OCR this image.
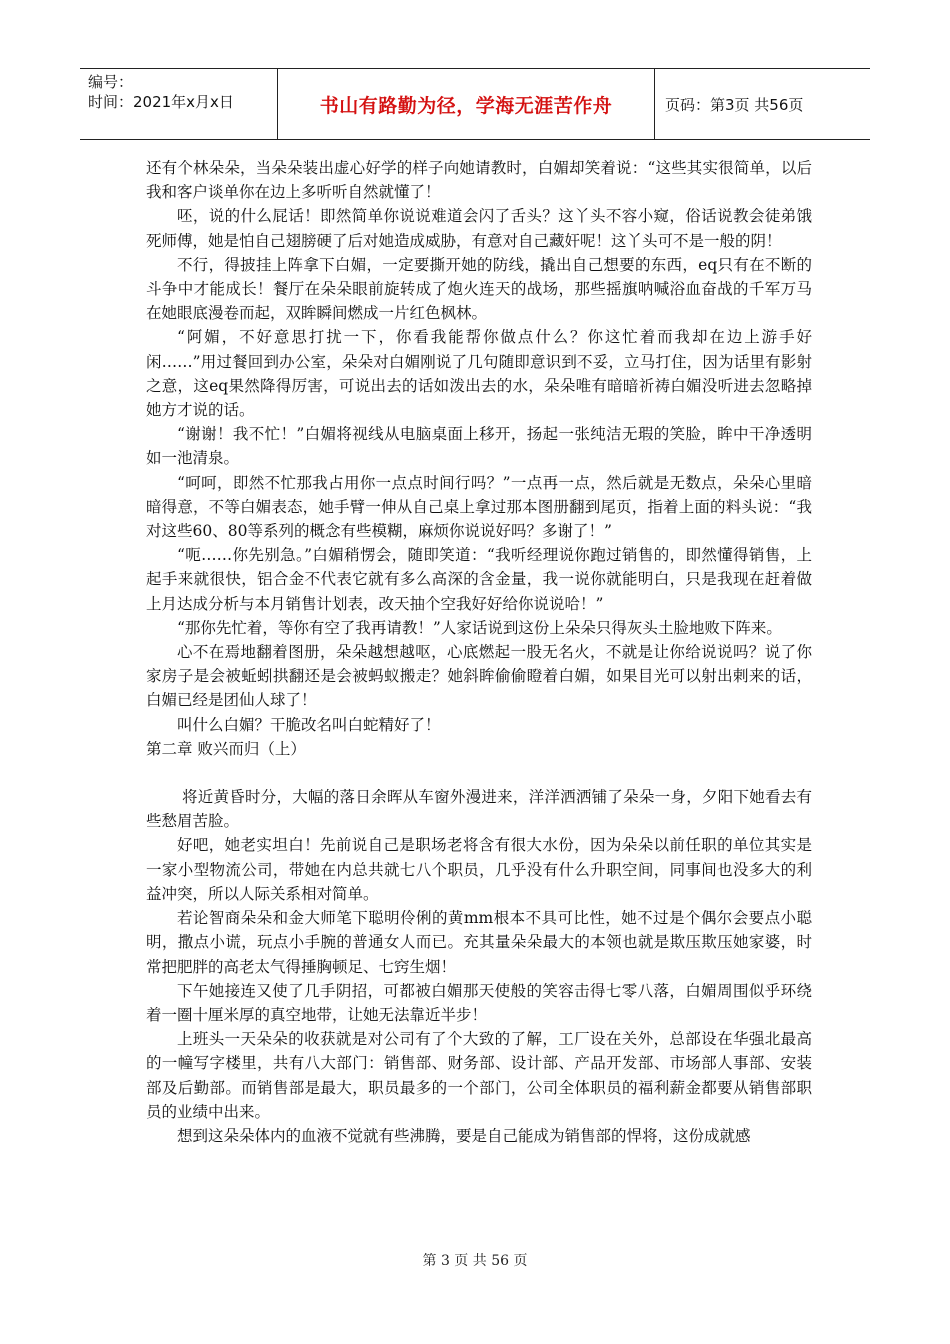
编号：
时间：2021年x月x日	书山有路勤为径，学海无涯苦作舟	页码：第3页 共56页

还有个林朵朵，当朵朵装出虚心好学的样子向她请教时，白媚却笑着说：“这些其实很简单，以后我和客户谈单你在边上多听听自然就懂了！

呸，说的什么屁话！即然简单你说说难道会闪了舌头？这丫头不容小窥，俗话说教会徒弟饿死师傅，她是怕自己翅膀硬了后对她造成威胁，有意对自己藏奸呢！这丫头可不是一般的阴！

不行，得披挂上阵拿下白媚，一定要撕开她的防线，撬出自己想要的东西，eq只有在不断的斗争中才能成长！餐厅在朵朵眼前旋转成了炮火连天的战场，那些摇旗呐喊浴血奋战的千军万马在她眼底漫卷而起，双眸瞬间燃成一片红色枫林。

“阿媚，不好意思打扰一下，你看我能帮你做点什么？你这忙着而我却在边上游手好闲……”用过餐回到办公室，朵朵对白媚刚说了几句随即意识到不妥，立马打住，因为话里有影射之意，这eq果然降得厉害，可说出去的话如泼出去的水，朵朵唯有暗暗祈祷白媚没听进去忽略掉她方才说的话。

“谢谢！我不忙！”白媚将视线从电脑桌面上移开，扬起一张纯洁无瑕的笑脸，眸中干净透明如一池清泉。

“呵呵，即然不忙那我占用你一点点时间行吗？”一点再一点，然后就是无数点，朵朵心里暗暗得意，不等白媚表态，她手臂一伸从自己桌上拿过那本图册翻到尾页，指着上面的料头说：“我对这些60、80等系列的概念有些模糊，麻烦你说说好吗？多谢了！”

“呃……你先别急。”白媚稍愣会，随即笑道：“我听经理说你跑过销售的，即然懂得销售，上起手来就很快，铝合金不代表它就有多么高深的含金量，我一说你就能明白，只是我现在赶着做上月达成分析与本月销售计划表，改天抽个空我好好给你说说哈！”

“那你先忙着，等你有空了我再请教！”人家话说到这份上朵朵只得灰头土脸地败下阵来。

心不在焉地翻着图册，朵朵越想越呕，心底燃起一股无名火，不就是让你给说说吗？说了你家房子是会被蚯蚓拱翻还是会被蚂蚁搬走？她斜眸偷偷瞪着白媚，如果目光可以射出剌来的话，白媚已经是团仙人球了！

叫什么白媚？干脆改名叫白蛇精好了！

第二章 败兴而归（上）

将近黄昏时分，大幅的落日余晖从车窗外漫进来，洋洋洒洒铺了朵朵一身，夕阳下她看去有些愁眉苦脸。

好吧，她老实坦白！先前说自己是职场老将含有很大水份，因为朵朵以前任职的单位其实是一家小型物流公司，带她在内总共就七八个职员，几乎没有什么升职空间，同事间也没多大的利益冲突，所以人际关系相对简单。

若论智商朵朵和金大师笔下聪明伶俐的黄mm根本不具可比性，她不过是个偶尔会要点小聪明，撒点小谎，玩点小手腕的普通女人而已。充其量朵朵最大的本领也就是欺压欺压她家婆，时常把肥胖的高老太气得捶胸顿足、七窍生烟！

下午她接连又使了几手阴招，可都被白媚那天使般的笑容击得七零八落，白媚周围似乎环绕着一圈十厘米厚的真空地带，让她无法靠近半步！

上班头一天朵朵的收获就是对公司有了个大致的了解，工厂设在关外，总部设在华强北最高的一幢写字楼里，共有八大部门：销售部、财务部、设计部、产品开发部、市场部人事部、安装部及后勤部。而销售部是最大，职员最多的一个部门，公司全体职员的福利薪金都要从销售部职员的业绩中出来。

想到这朵朵体内的血液不觉就有些沸腾，要是自己能成为销售部的悍将，这份成就感

第 3 页 共 56 页
